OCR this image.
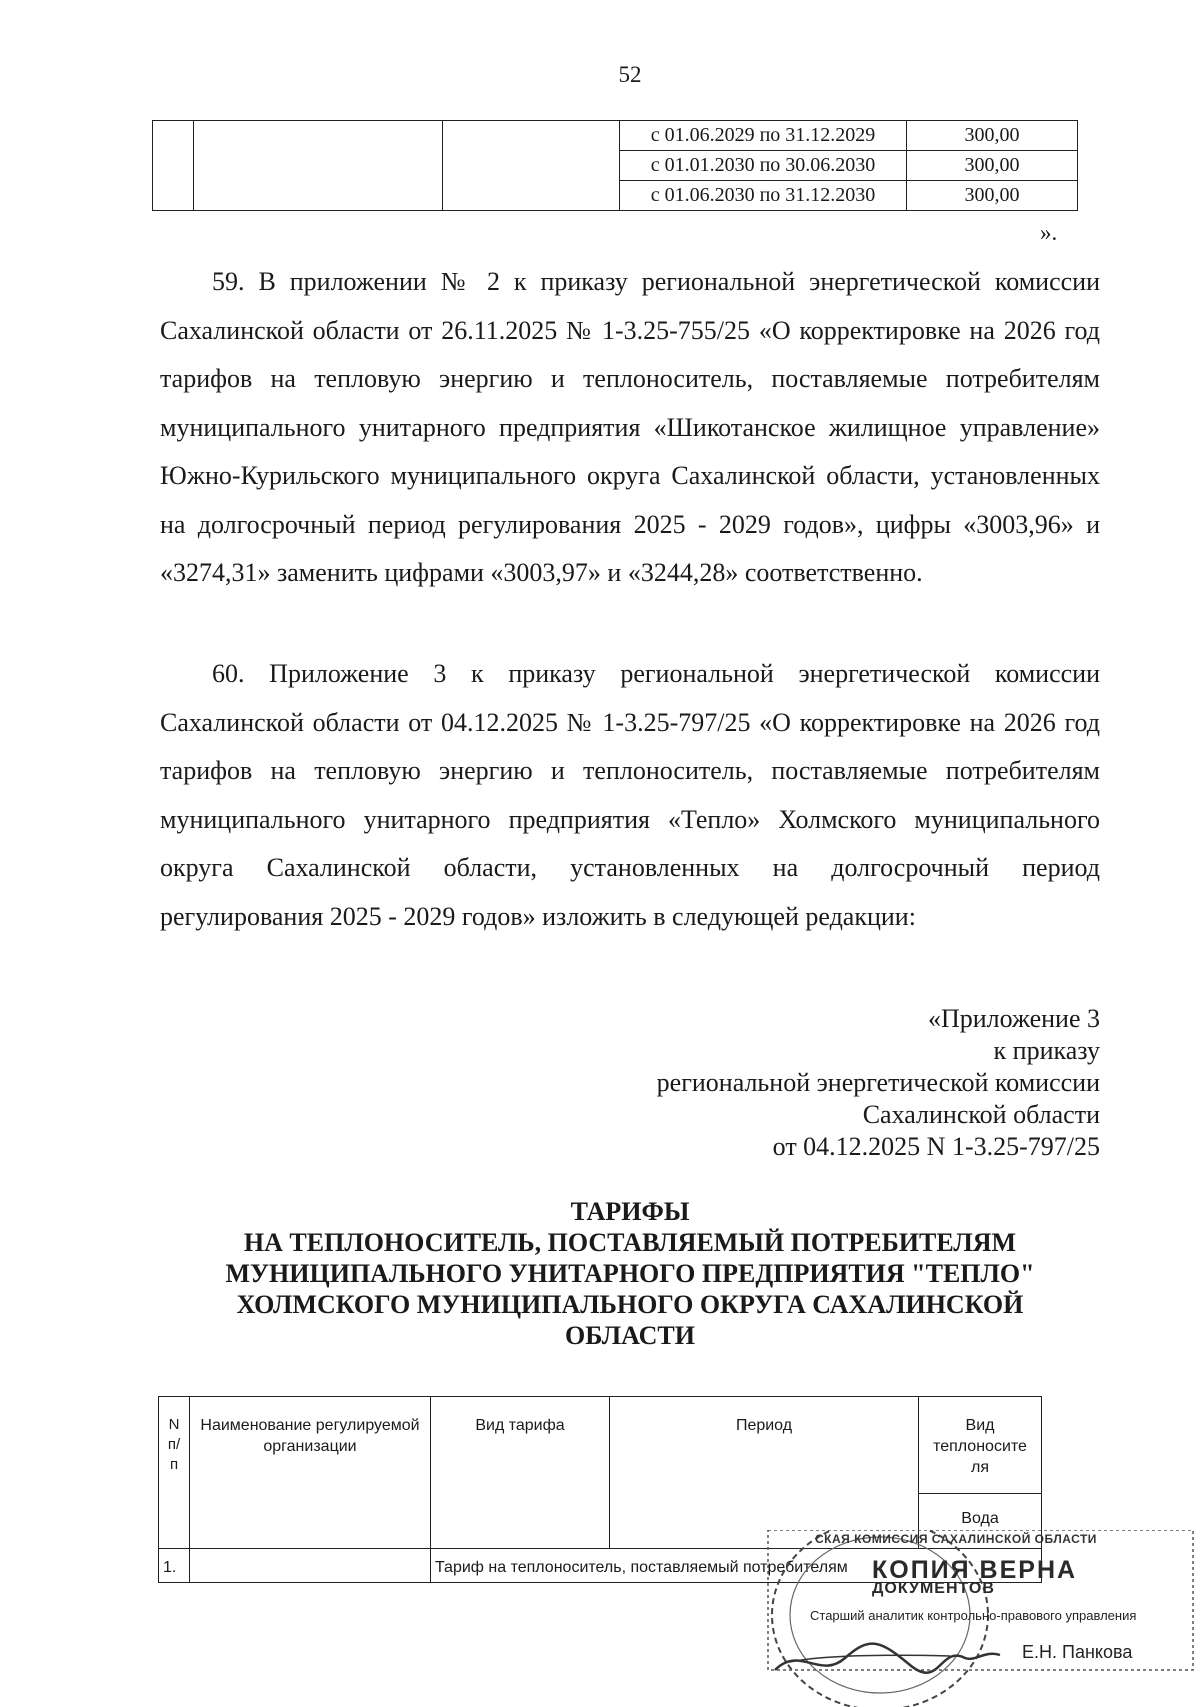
52
			с 01.06.2029 по 31.12.2029	300,00
			с 01.01.2030 по 30.06.2030	300,00
			с 01.06.2030 по 31.12.2030	300,00
».
59. В приложении № 2 к приказу региональной энергетической комиссии Сахалинской области от 26.11.2025 № 1-3.25-755/25 «О корректировке на 2026 год тарифов на тепловую энергию и теплоноситель, поставляемые потребителям муниципального унитарного предприятия «Шикотанское жилищное управление» Южно-Курильского муниципального округа Сахалинской области, установленных на долгосрочный период регулирования 2025 - 2029 годов», цифры «3003,96» и «3274,31» заменить цифрами «3003,97» и «3244,28» соответственно.
60. Приложение 3 к приказу региональной энергетической комиссии Сахалинской области от 04.12.2025 № 1-3.25-797/25 «О корректировке на 2026 год тарифов на тепловую энергию и теплоноситель, поставляемые потребителям муниципального унитарного предприятия «Тепло» Холмского муниципального округа Сахалинской области, установленных на долгосрочный период регулирования 2025 - 2029 годов» изложить в следующей редакции:
«Приложение 3
к приказу
региональной энергетической комиссии
Сахалинской области
от 04.12.2025 N 1-3.25-797/25
ТАРИФЫ
НА ТЕПЛОНОСИТЕЛЬ, ПОСТАВЛЯЕМЫЙ ПОТРЕБИТЕЛЯМ
МУНИЦИПАЛЬНОГО УНИТАРНОГО ПРЕДПРИЯТИЯ "ТЕПЛО"
ХОЛМСКОГО МУНИЦИПАЛЬНОГО ОКРУГА САХАЛИНСКОЙ
ОБЛАСТИ
N п/ п	Наименование регулируемой организации	Вид тарифа	Период	Вид теплоносите ля
				Вода
1.		Тариф на теплоноситель, поставляемый потребителям		
СКАЯ КОМИССИЯ САХАЛИНСКОЙ ОБЛАСТИ
КОПИЯ ВЕРНА
ДОКУМЕНТОВ
Старший аналитик контрольно-правового управления
Е.Н. Панкова
